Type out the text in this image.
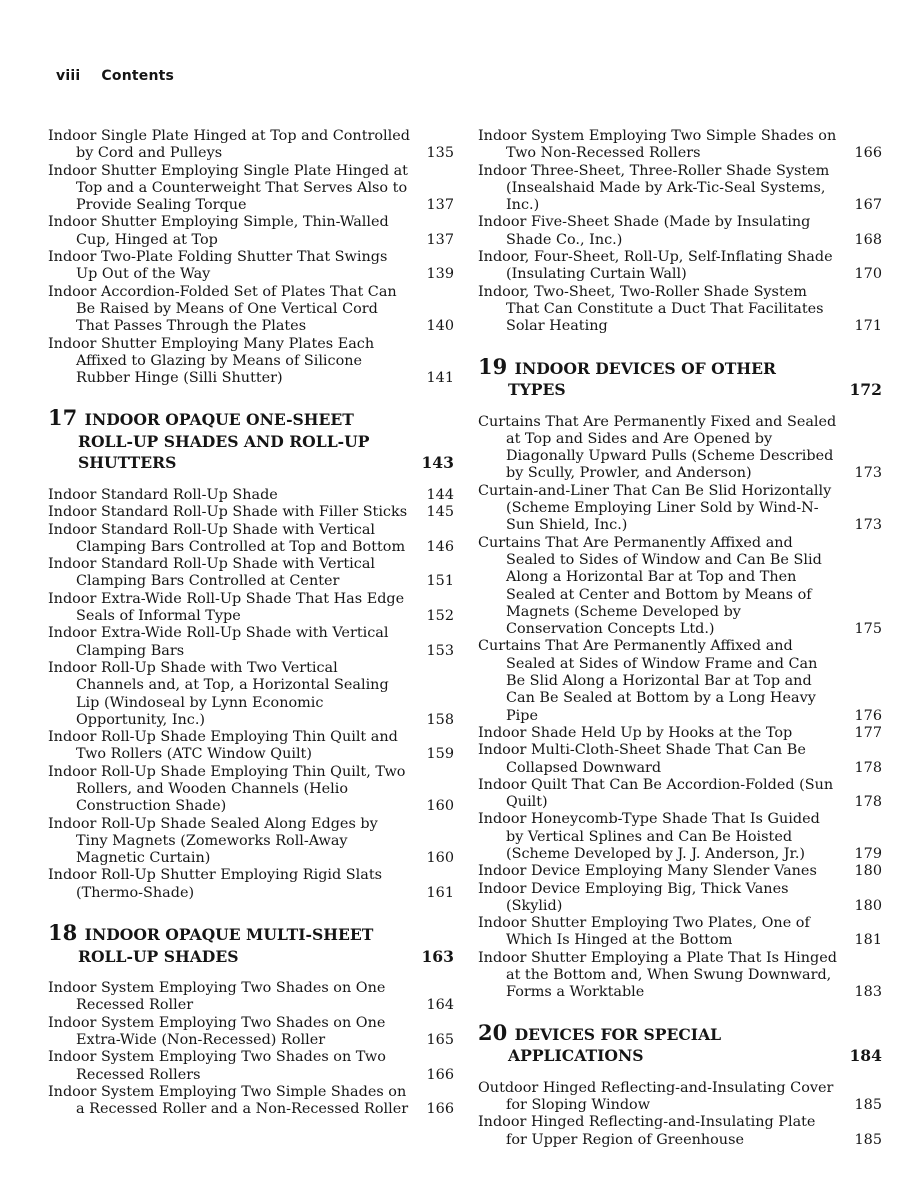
viii Contents
Indoor Single Plate Hinged at Top and Controlled by Cord and Pulleys	135
Indoor Shutter Employing Single Plate Hinged at Top and a Counterweight That Serves Also to Provide Sealing Torque	137
Indoor Shutter Employing Simple, Thin-Walled Cup, Hinged at Top	137
Indoor Two-Plate Folding Shutter That Swings Up Out of the Way	139
Indoor Accordion-Folded Set of Plates That Can Be Raised by Means of One Vertical Cord That Passes Through the Plates	140
Indoor Shutter Employing Many Plates Each Affixed to Glazing by Means of Silicone Rubber Hinge (Silli Shutter)	141
17 INDOOR OPAQUE ONE-SHEET ROLL-UP SHADES AND ROLL-UP SHUTTERS	143
Indoor Standard Roll-Up Shade	144
Indoor Standard Roll-Up Shade with Filler Sticks	145
Indoor Standard Roll-Up Shade with Vertical Clamping Bars Controlled at Top and Bottom	146
Indoor Standard Roll-Up Shade with Vertical Clamping Bars Controlled at Center	151
Indoor Extra-Wide Roll-Up Shade That Has Edge Seals of Informal Type	152
Indoor Extra-Wide Roll-Up Shade with Vertical Clamping Bars	153
Indoor Roll-Up Shade with Two Vertical Channels and, at Top, a Horizontal Sealing Lip (Windoseal by Lynn Economic Opportunity, Inc.)	158
Indoor Roll-Up Shade Employing Thin Quilt and Two Rollers (ATC Window Quilt)	159
Indoor Roll-Up Shade Employing Thin Quilt, Two Rollers, and Wooden Channels (Helio Construction Shade)	160
Indoor Roll-Up Shade Sealed Along Edges by Tiny Magnets (Zomeworks Roll-Away Magnetic Curtain)	160
Indoor Roll-Up Shutter Employing Rigid Slats (Thermo-Shade)	161
18 INDOOR OPAQUE MULTI-SHEET ROLL-UP SHADES	163
Indoor System Employing Two Shades on One Recessed Roller	164
Indoor System Employing Two Shades on One Extra-Wide (Non-Recessed) Roller	165
Indoor System Employing Two Shades on Two Recessed Rollers	166
Indoor System Employing Two Simple Shades on a Recessed Roller and a Non-Recessed Roller	166
Indoor System Employing Two Simple Shades on Two Non-Recessed Rollers	166
Indoor Three-Sheet, Three-Roller Shade System (Insealshaid Made by Ark-Tic-Seal Systems, Inc.)	167
Indoor Five-Sheet Shade (Made by Insulating Shade Co., Inc.)	168
Indoor, Four-Sheet, Roll-Up, Self-Inflating Shade (Insulating Curtain Wall)	170
Indoor, Two-Sheet, Two-Roller Shade System That Can Constitute a Duct That Facilitates Solar Heating	171
19 INDOOR DEVICES OF OTHER TYPES	172
Curtains That Are Permanently Fixed and Sealed at Top and Sides and Are Opened by Diagonally Upward Pulls (Scheme Described by Scully, Prowler, and Anderson)	173
Curtain-and-Liner That Can Be Slid Horizontally (Scheme Employing Liner Sold by Wind-N-Sun Shield, Inc.)	173
Curtains That Are Permanently Affixed and Sealed to Sides of Window and Can Be Slid Along a Horizontal Bar at Top and Then Sealed at Center and Bottom by Means of Magnets (Scheme Developed by Conservation Concepts Ltd.)	175
Curtains That Are Permanently Affixed and Sealed at Sides of Window Frame and Can Be Slid Along a Horizontal Bar at Top and Can Be Sealed at Bottom by a Long Heavy Pipe	176
Indoor Shade Held Up by Hooks at the Top	177
Indoor Multi-Cloth-Sheet Shade That Can Be Collapsed Downward	178
Indoor Quilt That Can Be Accordion-Folded (Sun Quilt)	178
Indoor Honeycomb-Type Shade That Is Guided by Vertical Splines and Can Be Hoisted (Scheme Developed by J. J. Anderson, Jr.)	179
Indoor Device Employing Many Slender Vanes	180
Indoor Device Employing Big, Thick Vanes (Skylid)	180
Indoor Shutter Employing Two Plates, One of Which Is Hinged at the Bottom	181
Indoor Shutter Employing a Plate That Is Hinged at the Bottom and, When Swung Downward, Forms a Worktable	183
20 DEVICES FOR SPECIAL APPLICATIONS	184
Outdoor Hinged Reflecting-and-Insulating Cover for Sloping Window	185
Indoor Hinged Reflecting-and-Insulating Plate for Upper Region of Greenhouse	185
